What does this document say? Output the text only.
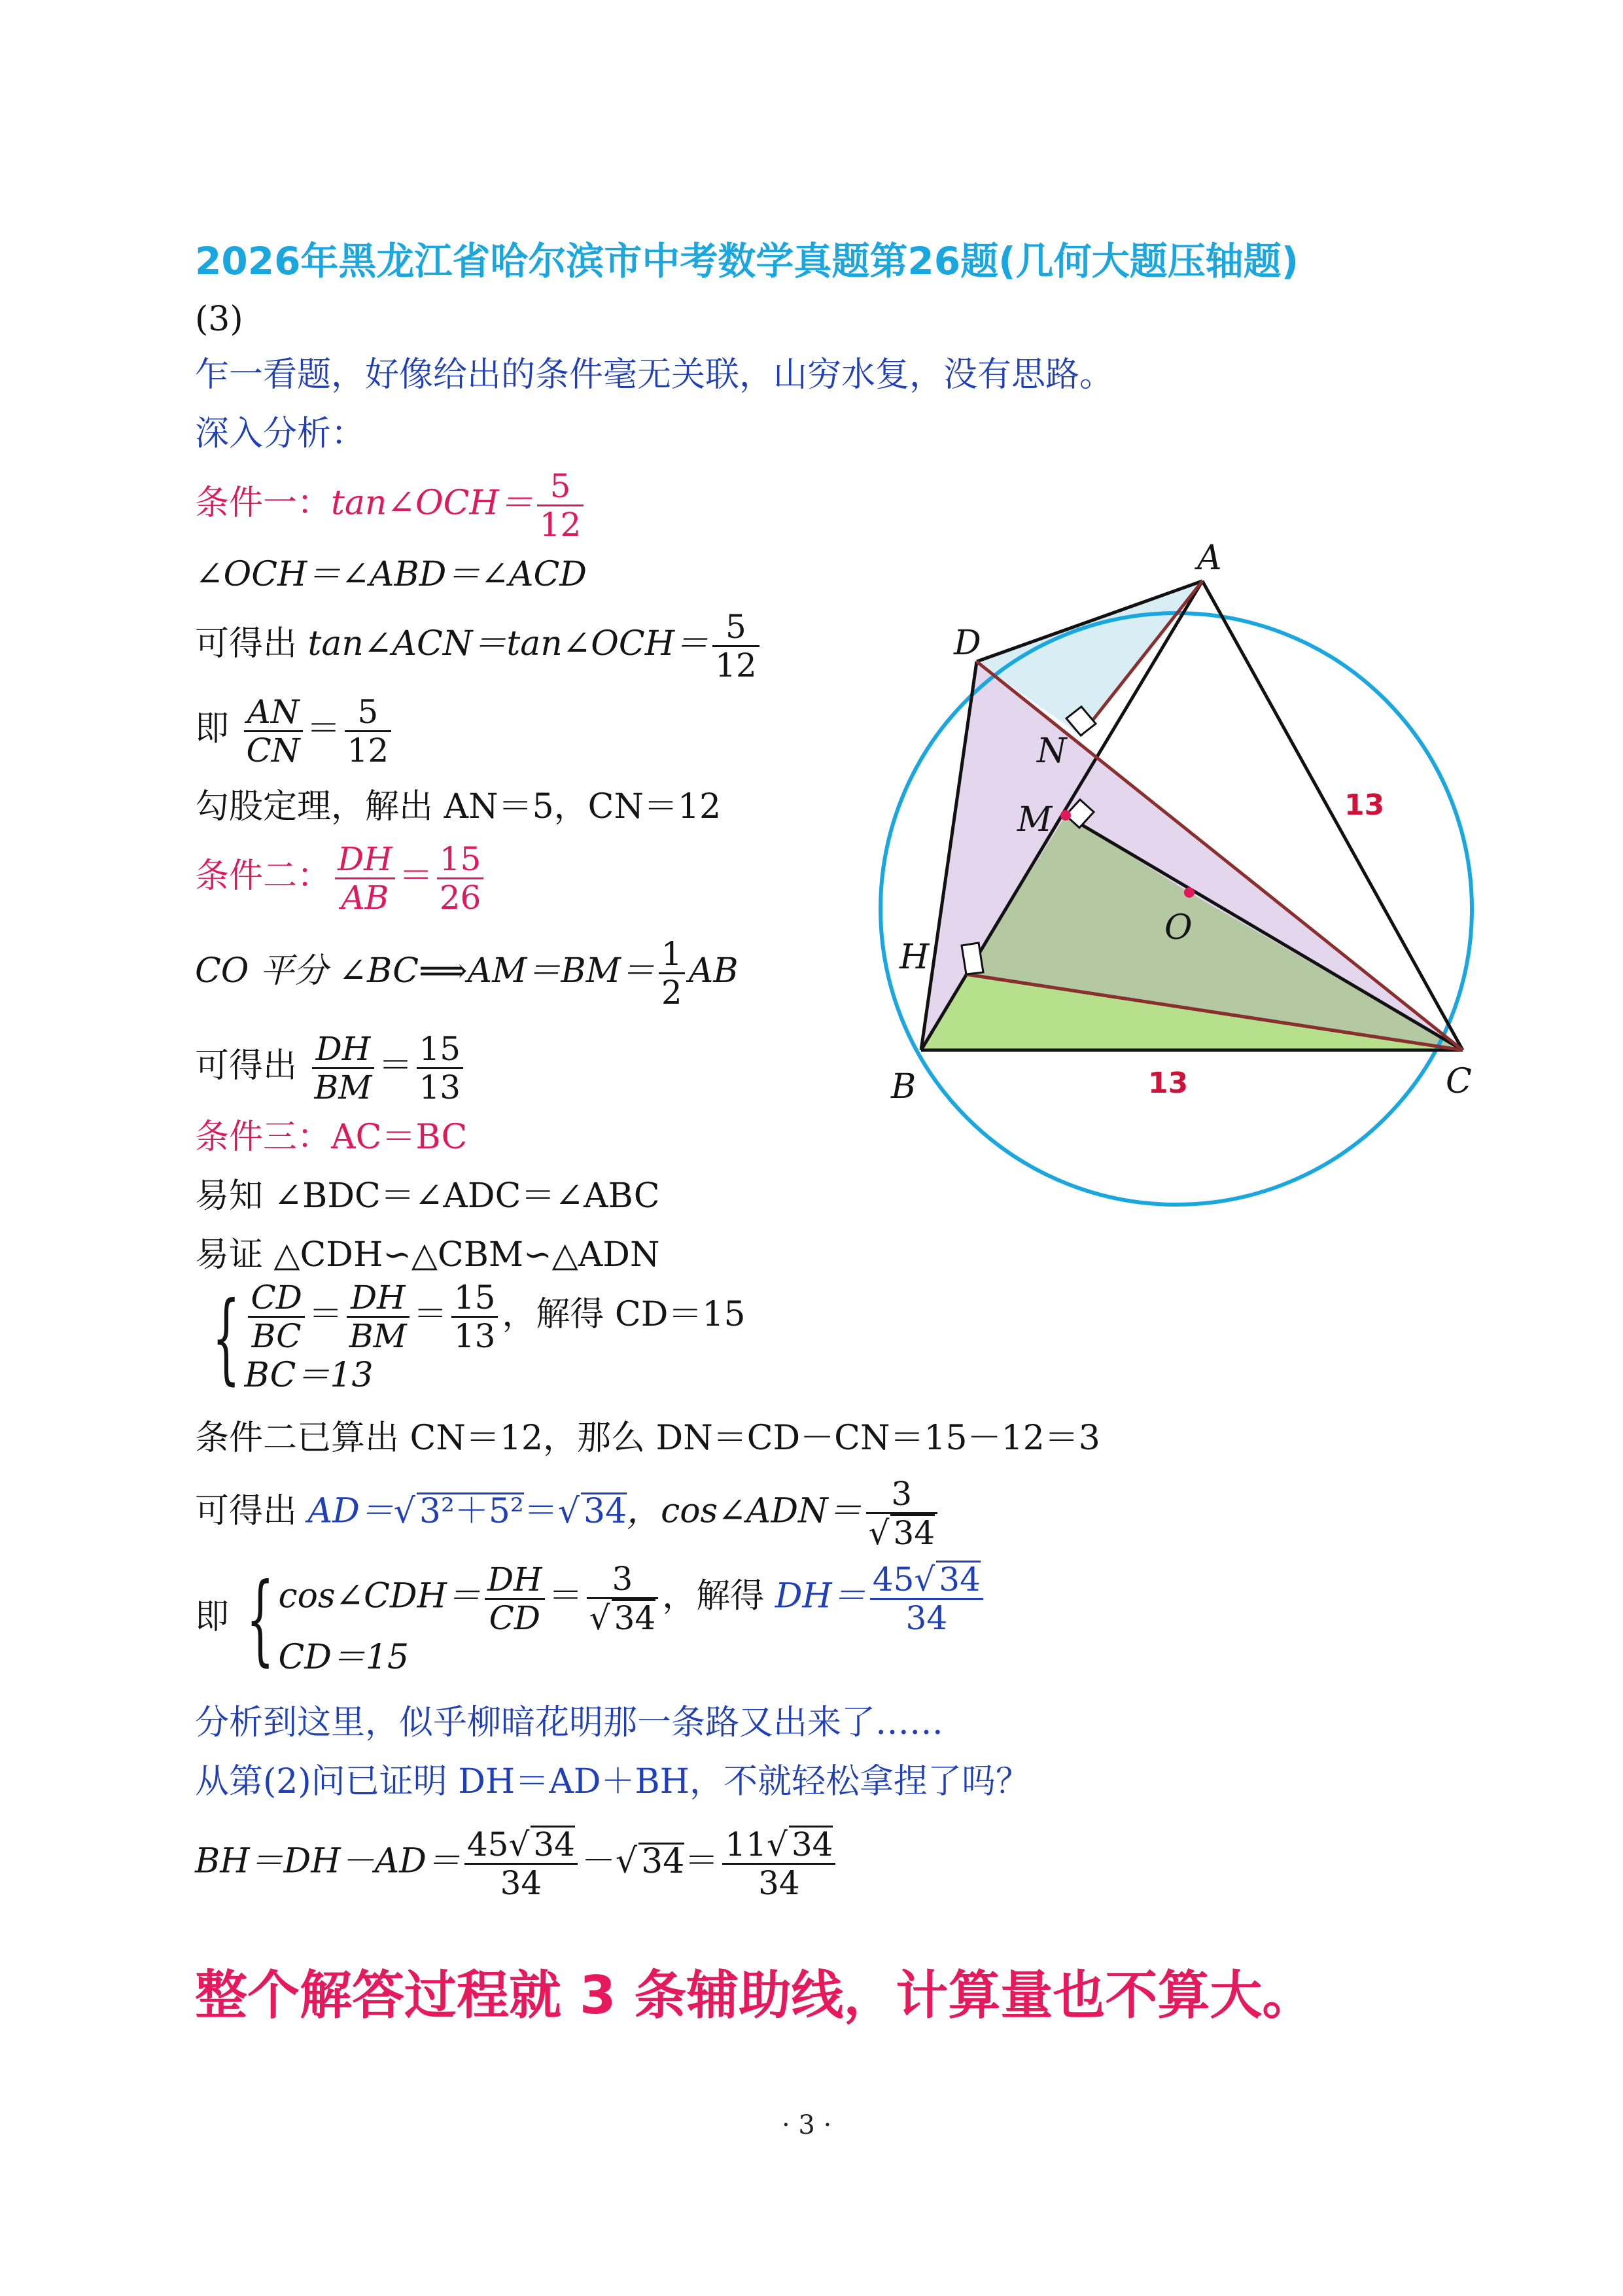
2026年黑龙江省哈尔滨市中考数学真题第26题(几何大题压轴题)
(3)
乍一看题，好像给出的条件毫无关联，山穷水复，没有思路。
深入分析：
条件一：tan∠OCH＝ $\frac{5}{12}$
∠OCH＝∠ABD＝∠ACD
可得出 tan∠ACN＝tan∠OCH＝ $\frac{5}{12}$
即 $\frac{AN}{CN} = \frac{5}{12}$
勾股定理，解出 AN＝5，CN＝12
条件二： $\frac{DH}{AB} = \frac{15}{26}$
CO 平分 ∠BC⟹AM＝BM＝ $\frac{1}{2}$ AB
可得出 $\frac{DH}{BM} = \frac{15}{13}$
条件三：AC＝BC
易知 ∠BDC＝∠ADC＝∠ABC
易证 △CDH∽△CBM∽△ADN
{ $\frac{CD}{BC} = \frac{DH}{BM} = \frac{15}{13}$ ，解得 CD＝15
BC＝13
条件二已算出 CN＝12，那么 DN＝CD－CN＝15－12＝3
可得出 AD＝√ 3²＋5²＝√ 34，cos∠ADN＝ $\frac{3}{√ 34}$
即 { cos∠CDH＝ $\frac{DH}{CD} = \frac{3}{√ 34}$ ，解得 $DH= \frac{45√ 34}{34}$
CD＝15
分析到这里，似乎柳暗花明那一条路又出来了……
从第(2)问已证明 DH＝AD＋BH，不就轻松拿捏了吗？
$BH=DH-AD= \frac{45√ 34}{34}$ －√ $34= \frac{11√ 34}{34}$
整个解答过程就 3 条辅助线，计算量也不算大。
· 3 ·
A
D
N
M
O
H
B	C
13
13
